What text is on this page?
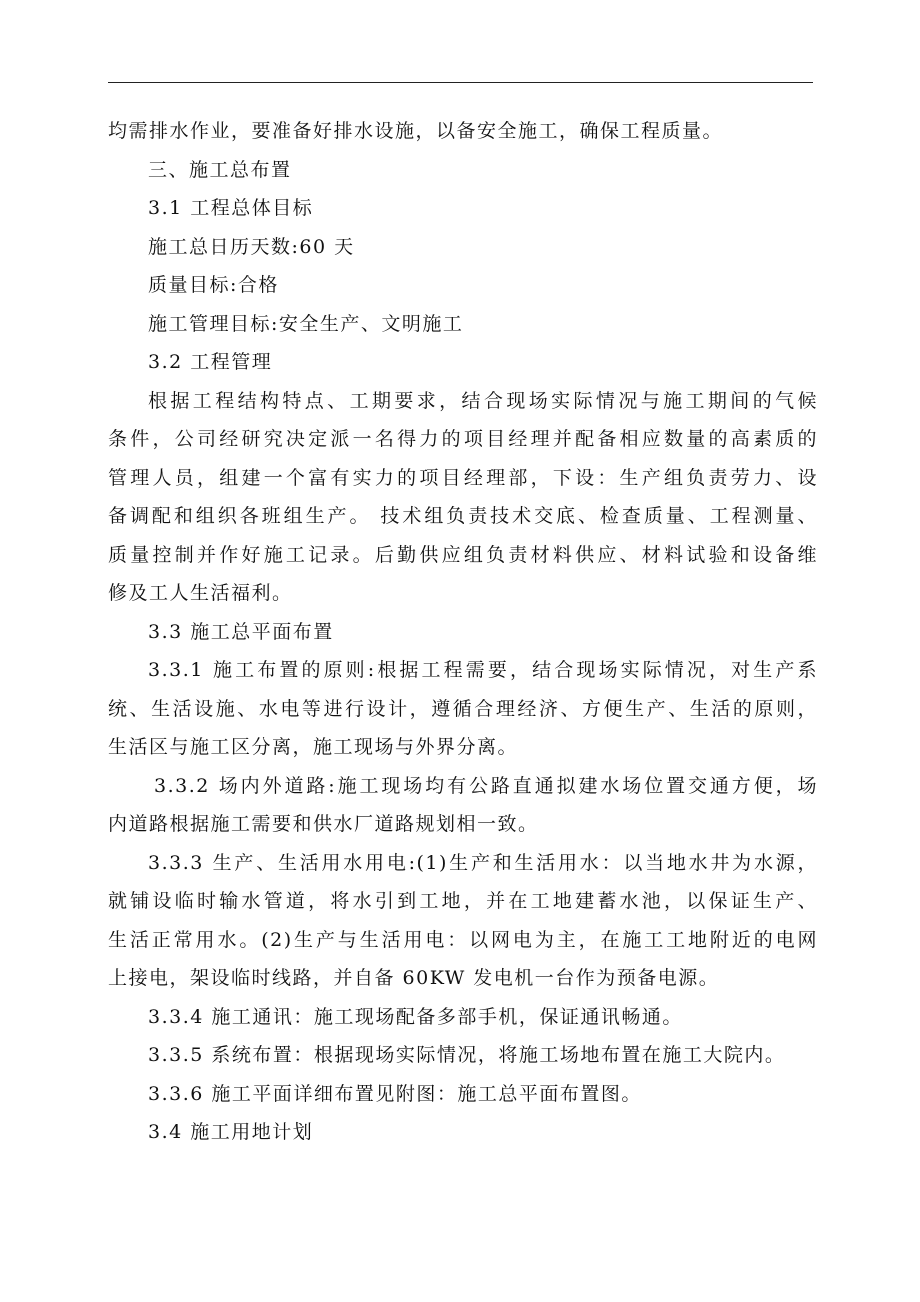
均需排水作业，要准备好排水设施，以备安全施工，确保工程质量。
三、施工总布置
3.1 工程总体目标
施工总日历天数:60 天
质量目标:合格
施工管理目标:安全生产、文明施工
3.2 工程管理
根据工程结构特点、工期要求，结合现场实际情况与施工期间的气候
条件，公司经研究决定派一名得力的项目经理并配备相应数量的高素质的
管理人员，组建一个富有实力的项目经理部，下设：生产组负责劳力、设
备调配和组织各班组生产。 技术组负责技术交底、检查质量、工程测量、
质量控制并作好施工记录。后勤供应组负责材料供应、材料试验和设备维
修及工人生活福利。
3.3 施工总平面布置
3.3.1 施工布置的原则:根据工程需要，结合现场实际情况，对生产系
统、生活设施、水电等进行设计，遵循合理经济、方便生产、生活的原则，
生活区与施工区分离，施工现场与外界分离。
3.3.2 场内外道路:施工现场均有公路直通拟建水场位置交通方便，场
内道路根据施工需要和供水厂道路规划相一致。
3.3.3 生产、生活用水用电:(1)生产和生活用水：以当地水井为水源，
就铺设临时输水管道，将水引到工地，并在工地建蓄水池，以保证生产、
生活正常用水。(2)生产与生活用电：以网电为主，在施工工地附近的电网
上接电，架设临时线路，并自备 60KW 发电机一台作为预备电源。
3.3.4 施工通讯：施工现场配备多部手机，保证通讯畅通。
3.3.5 系统布置：根据现场实际情况，将施工场地布置在施工大院内。
3.3.6 施工平面详细布置见附图：施工总平面布置图。
3.4 施工用地计划
